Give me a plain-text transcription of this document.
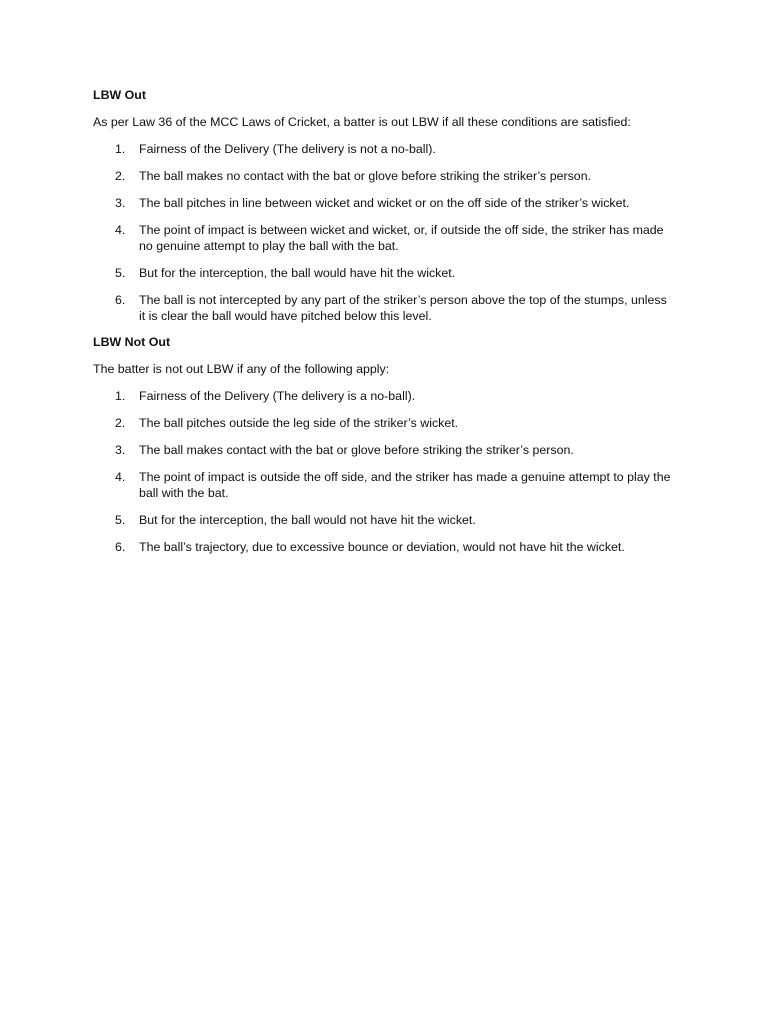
LBW Out

As per Law 36 of the MCC Laws of Cricket, a batter is out LBW if all these conditions are satisfied:

1. Fairness of the Delivery (The delivery is not a no-ball).
2. The ball makes no contact with the bat or glove before striking the striker’s person.
3. The ball pitches in line between wicket and wicket or on the off side of the striker’s wicket.
4. The point of impact is between wicket and wicket, or, if outside the off side, the striker has made no genuine attempt to play the ball with the bat.
5. But for the interception, the ball would have hit the wicket.
6. The ball is not intercepted by any part of the striker’s person above the top of the stumps, unless it is clear the ball would have pitched below this level.

LBW Not Out

The batter is not out LBW if any of the following apply:

1. Fairness of the Delivery (The delivery is a no-ball).
2. The ball pitches outside the leg side of the striker’s wicket.
3. The ball makes contact with the bat or glove before striking the striker’s person.
4. The point of impact is outside the off side, and the striker has made a genuine attempt to play the ball with the bat.
5. But for the interception, the ball would not have hit the wicket.
6. The ball’s trajectory, due to excessive bounce or deviation, would not have hit the wicket.
